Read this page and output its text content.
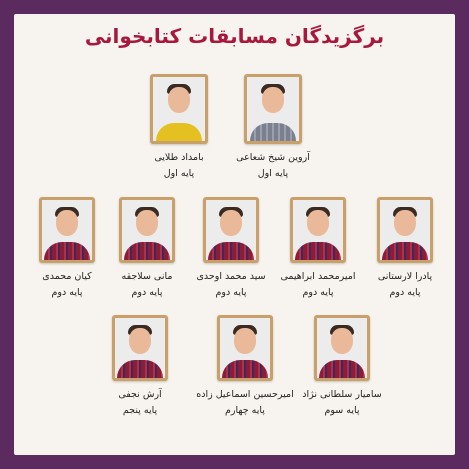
برگزیدگان مسابقات کتابخوانی
آروین شیخ شعاعی
پایه اول
بامداد طلایی
پایه اول
پادرا لارستانی
پایه دوم
امیرمحمد ابراهیمی
پایه دوم
سید محمد اوحدی
پایه دوم
مانی سلاجقه
پایه دوم
کیان محمدی
پایه دوم
سامیار سلطانی نژاد
پایه سوم
امیرحسین اسماعیل زاده
پایه چهارم
آرش نجفی
پایه پنجم
